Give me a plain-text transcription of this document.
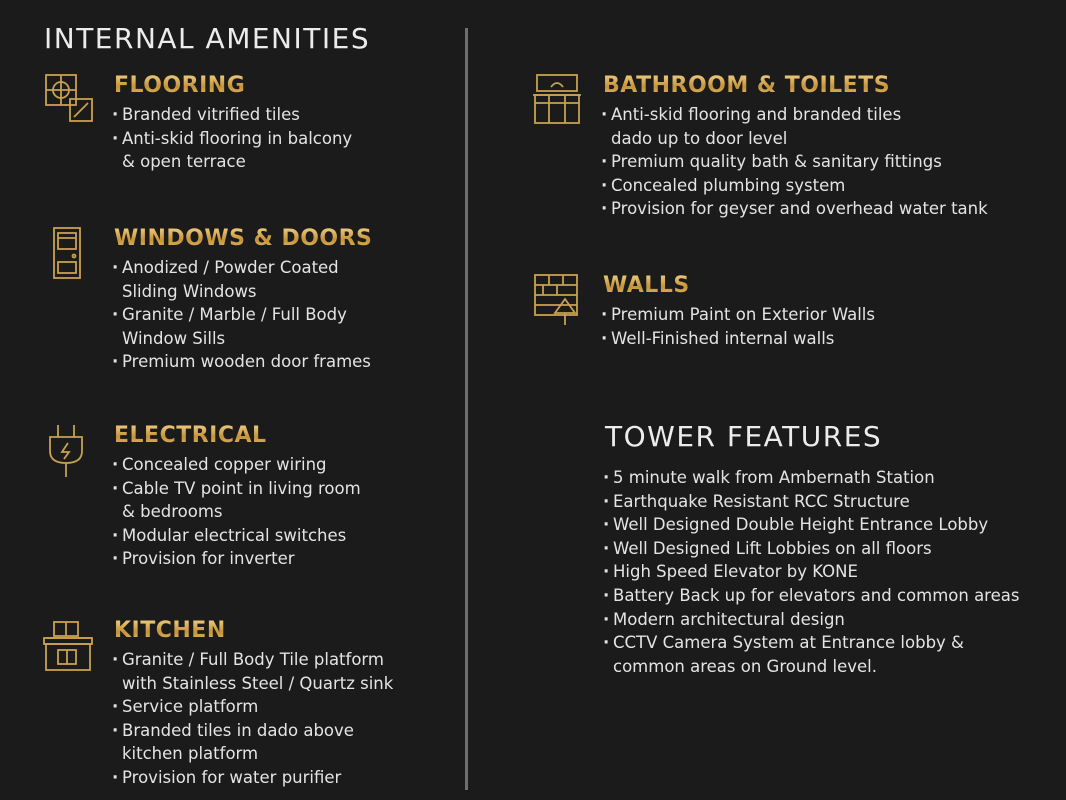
INTERNAL AMENITIES
FLOORING
· Branded vitrified tiles
· Anti-skid flooring in balcony
& open terrace
WINDOWS & DOORS
· Anodized / Powder Coated
Sliding Windows
· Granite / Marble / Full Body
Window Sills
· Premium wooden door frames
ELECTRICAL
· Concealed copper wiring
· Cable TV point in living room
& bedrooms
· Modular electrical switches
· Provision for inverter
KITCHEN
· Granite / Full Body Tile platform
with Stainless Steel / Quartz sink
· Service platform
· Branded tiles in dado above
kitchen platform
· Provision for water purifier
BATHROOM & TOILETS
· Anti-skid flooring and branded tiles
dado up to door level
· Premium quality bath & sanitary fittings
· Concealed plumbing system
· Provision for geyser and overhead water tank
WALLS
· Premium Paint on Exterior Walls
· Well-Finished internal walls
TOWER FEATURES
· 5 minute walk from Ambernath Station
· Earthquake Resistant RCC Structure
· Well Designed Double Height Entrance Lobby
· Well Designed Lift Lobbies on all floors
· High Speed Elevator by KONE
· Battery Back up for elevators and common areas
· Modern architectural design
· CCTV Camera System at Entrance lobby &
common areas on Ground level.
